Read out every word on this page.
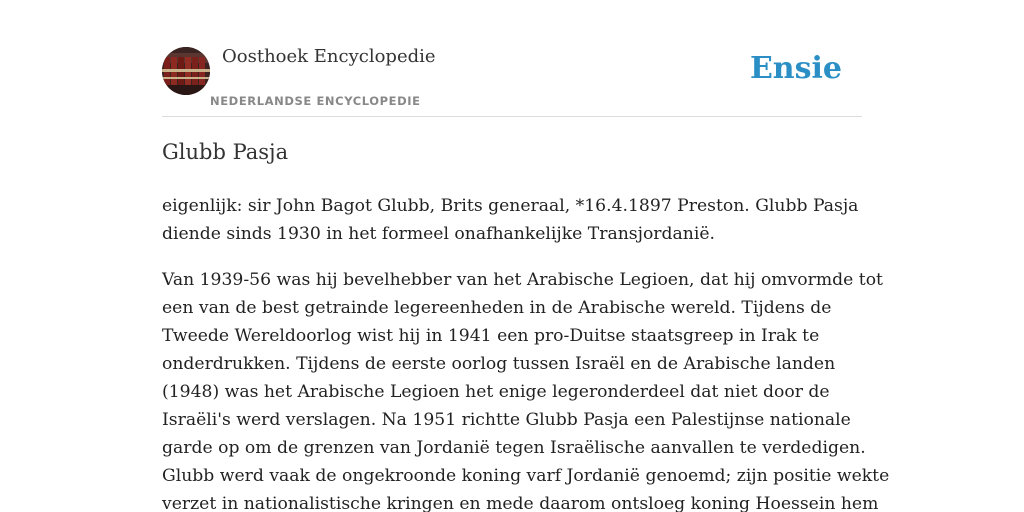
Oosthoek Encyclopedie
NEDERLANDSE ENCYCLOPEDIE
Ensie
Glubb Pasja

eigenlijk: sir John Bagot Glubb, Brits generaal, *16.4.1897 Preston. Glubb Pasja
diende sinds 1930 in het formeel onafhankelijke Transjordanië.

Van 1939-56 was hij bevelhebber van het Arabische Legioen, dat hij omvormde tot
een van de best getrainde legereenheden in de Arabische wereld. Tijdens de
Tweede Wereldoorlog wist hij in 1941 een pro-Duitse staatsgreep in Irak te
onderdrukken. Tijdens de eerste oorlog tussen Israël en de Arabische landen
(1948) was het Arabische Legioen het enige legeronderdeel dat niet door de
Israëli's werd verslagen. Na 1951 richtte Glubb Pasja een Palestijnse nationale
garde op om de grenzen van Jordanië tegen Israëlische aanvallen te verdedigen.
Glubb werd vaak de ongekroonde koning varf Jordanië genoemd; zijn positie wekte
verzet in nationalistische kringen en mede daarom ontsloeg koning Hoessein hem
